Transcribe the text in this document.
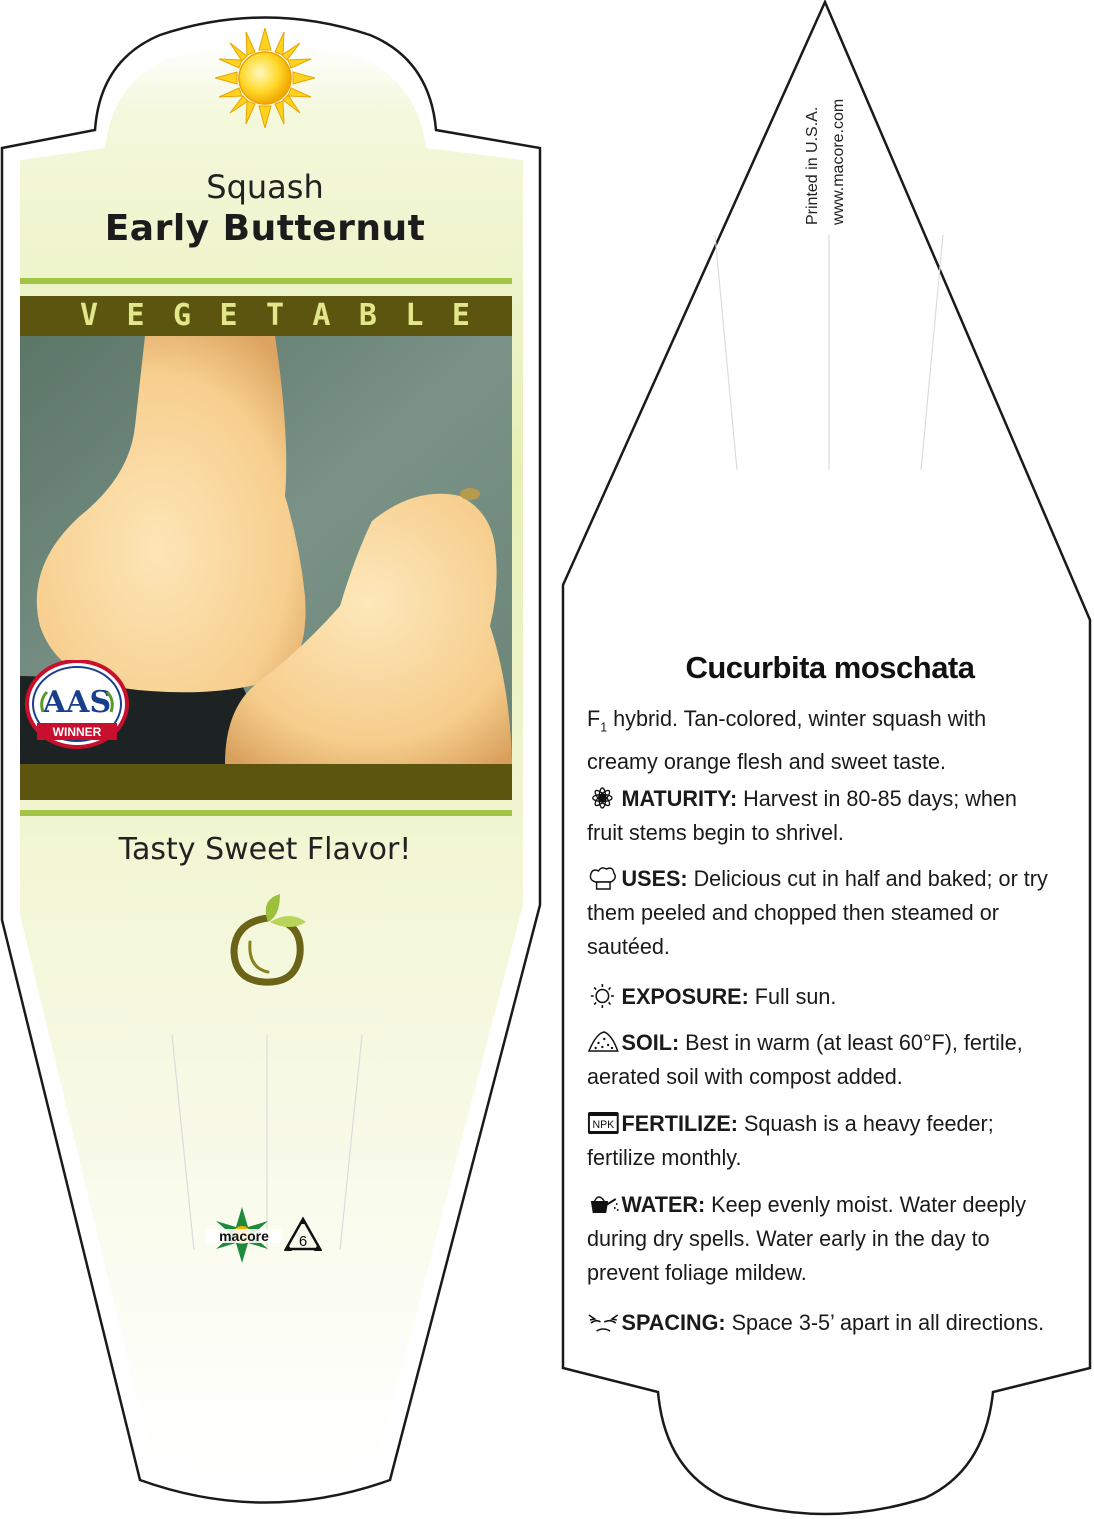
Squash
Early Butternut
V E G E T A B L E
AAS
WINNER
Tasty Sweet Flavor!
macore 6
Printed in U.S.A. www.macore.com
Cucurbita moschata
$F_1$ hybrid. Tan-colored, winter squash with creamy orange flesh and sweet taste.
MATURITY: Harvest in 80-85 days; when fruit stems begin to shrivel.
USES: Delicious cut in half and baked; or try them peeled and chopped then steamed or sautéed.
EXPOSURE: Full sun.
SOIL: Best in warm (at least 60°F), fertile, aerated soil with compost added.
NPK FERTILIZE: Squash is a heavy feeder; fertilize monthly.
WATER: Keep evenly moist. Water deeply during dry spells. Water early in the day to prevent foliage mildew.
SPACING: Space 3-5’ apart in all directions.
